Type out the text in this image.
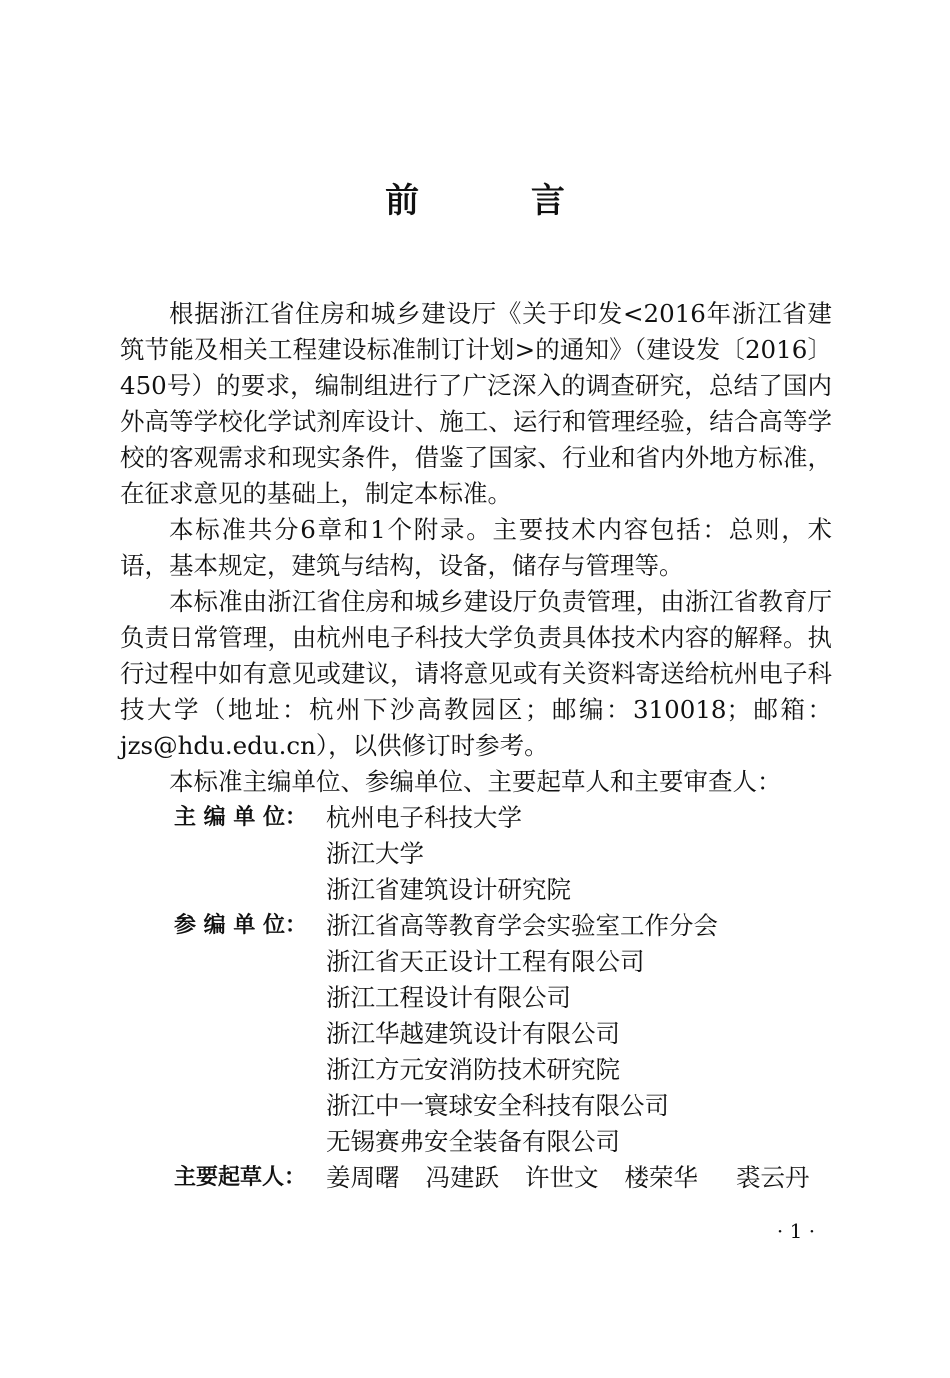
前 言

根据浙江省住房和城乡建设厅《关于印发<2016年浙江省建筑节能及相关工程建设标准制订计划>的通知》（建设发〔2016〕450号）的要求，编制组进行了广泛深入的调查研究，总结了国内外高等学校化学试剂库设计、施工、运行和管理经验，结合高等学校的客观需求和现实条件，借鉴了国家、行业和省内外地方标准，在征求意见的基础上，制定本标准。

本标准共分6章和1个附录。主要技术内容包括：总则，术语，基本规定，建筑与结构，设备，储存与管理等。

本标准由浙江省住房和城乡建设厅负责管理，由浙江省教育厅负责日常管理，由杭州电子科技大学负责具体技术内容的解释。执行过程中如有意见或建议，请将意见或有关资料寄送给杭州电子科技大学（地址：杭州下沙高教园区；邮编：310018；邮箱：jzs@hdu.edu.cn），以供修订时参考。

本标准主编单位、参编单位、主要起草人和主要审查人：

主 编 单 位： 杭州电子科技大学
浙江大学
浙江省建筑设计研究院
参 编 单 位： 浙江省高等教育学会实验室工作分会
浙江省天正设计工程有限公司
浙江工程设计有限公司
浙江华越建筑设计有限公司
浙江方元安消防技术研究院
浙江中一寰球安全科技有限公司
无锡赛弗安全装备有限公司
主要起草人： 姜周曙 冯建跃 许世文 楼荣华 裘云丹
· 1 ·
